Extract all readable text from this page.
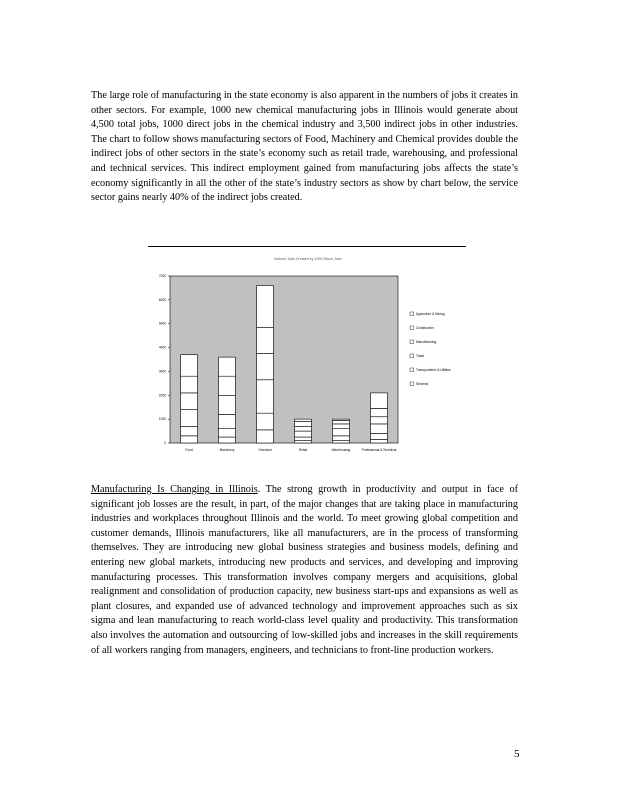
The large role of manufacturing in the state economy is also apparent in the numbers of jobs it creates in other sectors. For example, 1000 new chemical manufacturing jobs in Illinois would generate about 4,500 total jobs, 1000 direct jobs in the chemical industry and 3,500 indirect jobs in other industries. The chart to follow shows manufacturing sectors of Food, Machinery and Chemical provides double the indirect jobs of other sectors in the state’s economy such as retail trade, warehousing, and professional and technical services. This indirect employment gained from manufacturing jobs affects the state’s economy significantly in all the other of the state’s industry sectors as show by chart below, the service sector gains nearly 40% of the indirect jobs created.

Indirect Jobs Created by 1000 Direct Jobs
0
1000
2000
3000
4000
5000
6000
7000
Food	Machinery	Chemical	Retail	Warehousing	Professional & Technical
Agriculture & Mining
Construction
Manufacturing
Trade
Transportation & Utilities
Services

Manufacturing Is Changing in Illinois. The strong growth in productivity and output in face of significant job losses are the result, in part, of the major changes that are taking place in manufacturing industries and workplaces throughout Illinois and the world. To meet growing global competition and customer demands, Illinois manufacturers, like all manufacturers, are in the process of transforming themselves. They are introducing new global business strategies and business models, defining and entering new global markets, introducing new products and services, and developing and improving manufacturing processes. This transformation involves company mergers and acquisitions, global realignment and consolidation of production capacity, new business start-ups and expansions as well as plant closures, and expanded use of advanced technology and improvement approaches such as six sigma and lean manufacturing to reach world-class level quality and productivity. This transformation also involves the automation and outsourcing of low-skilled jobs and increases in the skill requirements of all workers ranging from managers, engineers, and technicians to front-line production workers.

5
